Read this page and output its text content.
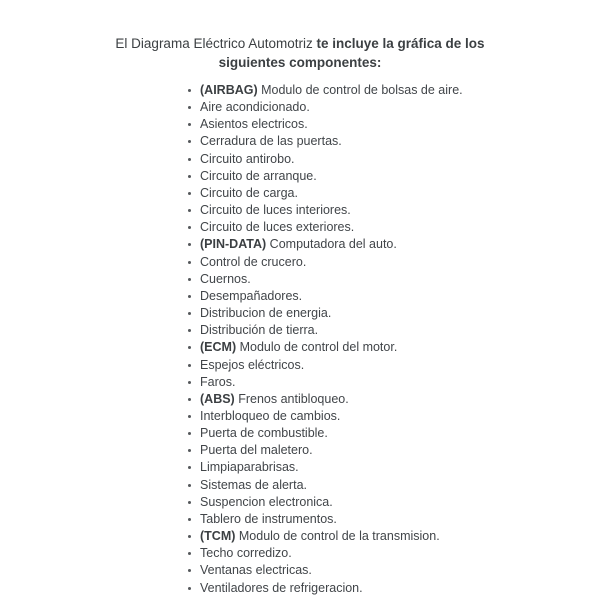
El Diagrama Eléctrico Automotriz te incluye la gráfica de los siguientes componentes:

(AIRBAG) Modulo de control de bolsas de aire.
Aire acondicionado.
Asientos electricos.
Cerradura de las puertas.
Circuito antirobo.
Circuito de arranque.
Circuito de carga.
Circuito de luces interiores.
Circuito de luces exteriores.
(PIN-DATA) Computadora del auto.
Control de crucero.
Cuernos.
Desempañadores.
Distribucion de energia.
Distribución de tierra.
(ECM) Modulo de control del motor.
Espejos eléctricos.
Faros.
(ABS) Frenos antibloqueo.
Interbloqueo de cambios.
Puerta de combustible.
Puerta del maletero.
Limpiaparabrisas.
Sistemas de alerta.
Suspencion electronica.
Tablero de instrumentos.
(TCM) Modulo de control de la transmision.
Techo corredizo.
Ventanas electricas.
Ventiladores de refrigeracion.
